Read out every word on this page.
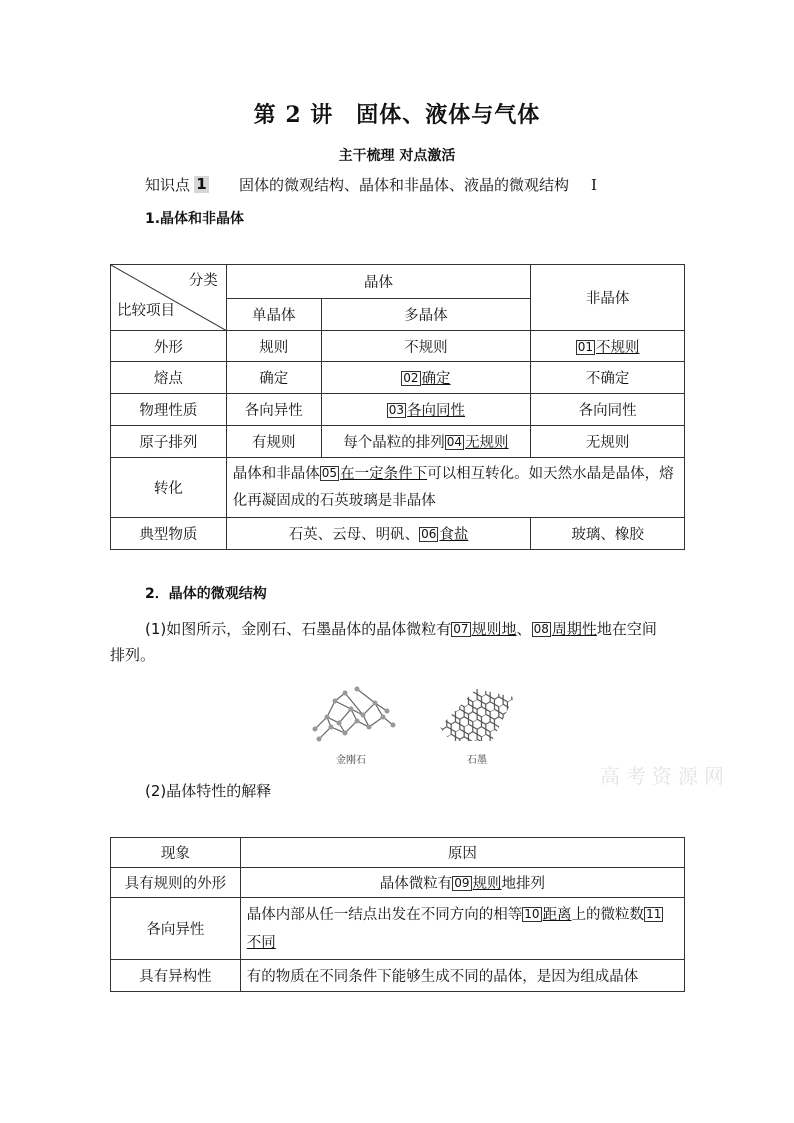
第 2 讲　固体、液体与气体
主干梳理 对点激活
知识点 1 固体的微观结构、晶体和非晶体、液晶的微观结构 Ⅰ
1.晶体和非晶体
分类
比较项目	晶体		非晶体
	单晶体	多晶体	
外形	规则	不规则	01 不规则
熔点	确定	02 确定	不确定
物理性质	各向异性	03 各向同性	各向同性
原子排列	有规则	每个晶粒的排列 04 无规则	无规则
转化	晶体和非晶体 05 在一定条件下可以相互转化。如天然水晶是晶体，熔化再凝固成的石英玻璃是非晶体		
典型物质	石英、云母、明矾、 06 食盐		玻璃、橡胶
2．晶体的微观结构
(1)如图所示，金刚石、石墨晶体的晶体微粒有 07 规则地、 08 周期性地在空间
排列。
金刚石	石墨
高考资源网
(2)晶体特性的解释
现象	原因
具有规则的外形	晶体微粒有 09 规则地排列
各向异性	晶体内部从任一结点出发在不同方向的相等 10 距离上的微粒数 11不同
具有异构性	有的物质在不同条件下能够生成不同的晶体，是因为组成晶体
